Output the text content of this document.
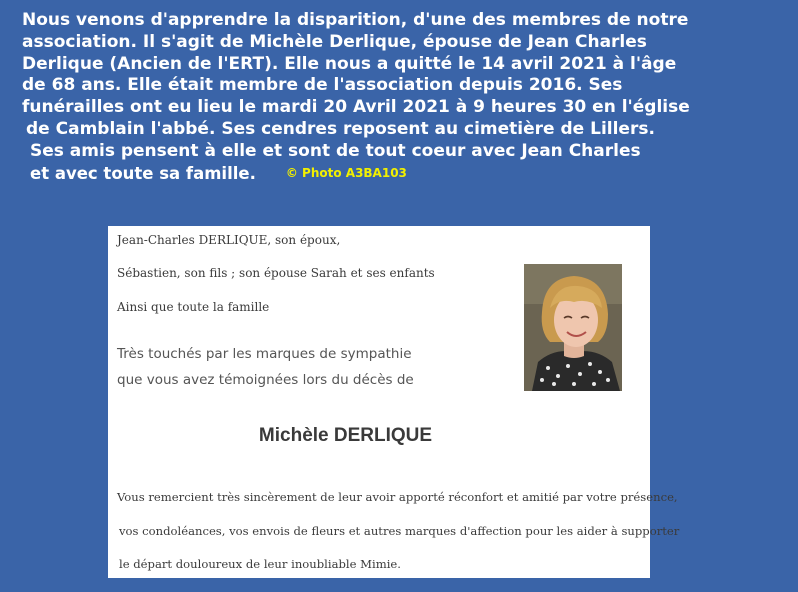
Nous venons d'apprendre la disparition, d'une des membres de notre
association. Il s'agit de Michèle Derlique, épouse de Jean Charles
Derlique (Ancien de l'ERT). Elle nous a quitté le 14 avril 2021 à l'âge
de 68 ans. Elle était membre de l'association depuis 2016. Ses
funérailles ont eu lieu le mardi 20 Avril 2021 à 9 heures 30 en l'église
de Camblain l'abbé. Ses cendres reposent au cimetière de Lillers.
Ses amis pensent à elle et sont de tout coeur avec Jean Charles
et avec toute sa famille.	© Photo A3BA103
Jean-Charles DERLIQUE, son époux,
Sébastien, son fils ; son épouse Sarah et ses enfants
Ainsi que toute la famille
Très touchés par les marques de sympathie
que vous avez témoignées lors du décès de
Michèle DERLIQUE
Vous remercient très sincèrement de leur avoir apporté réconfort et amitié par votre présence,
vos condoléances, vos envois de fleurs et autres marques d'affection pour les aider à supporter
le départ douloureux de leur inoubliable Mimie.
